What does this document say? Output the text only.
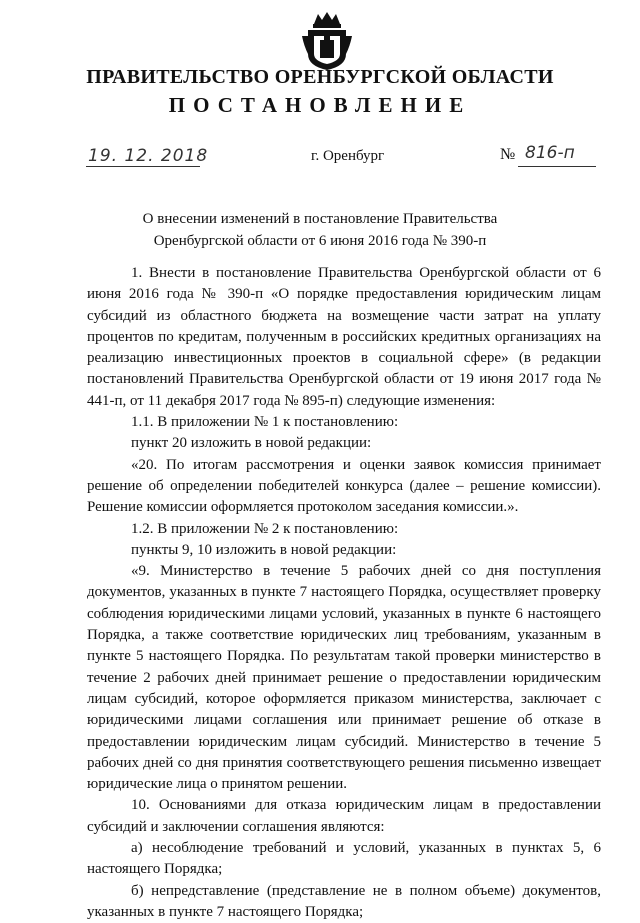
ПРАВИТЕЛЬСТВО ОРЕНБУРГСКОЙ ОБЛАСТИ
ПОСТАНОВЛЕНИЕ
19. 12. 2018	г. Оренбург	№ 816-п
О внесении изменений в постановление Правительства
Оренбургской области от 6 июня 2016 года № 390-п

1. Внести в постановление Правительства Оренбургской области от 6 июня 2016 года № 390-п «О порядке предоставления юридическим лицам субсидий из областного бюджета на возмещение части затрат на уплату процентов по кредитам, полученным в российских кредитных организациях на реализацию инвестиционных проектов в социальной сфере» (в редакции постановлений Правительства Оренбургской области от 19 июня 2017 года № 441-п, от 11 декабря 2017 года № 895-п) следующие изменения:

1.1. В приложении № 1 к постановлению:

пункт 20 изложить в новой редакции:

«20. По итогам рассмотрения и оценки заявок комиссия принимает решение об определении победителей конкурса (далее – решение комиссии). Решение комиссии оформляется протоколом заседания комиссии.».

1.2. В приложении № 2 к постановлению:

пункты 9, 10 изложить в новой редакции:

«9. Министерство в течение 5 рабочих дней со дня поступления документов, указанных в пункте 7 настоящего Порядка, осуществляет проверку соблюдения юридическими лицами условий, указанных в пункте 6 настоящего Порядка, а также соответствие юридических лиц требованиям, указанным в пункте 5 настоящего Порядка. По результатам такой проверки министерство в течение 2 рабочих дней принимает решение о предоставлении юридическим лицам субсидий, которое оформляется приказом министерства, заключает с юридическими лицами соглашения или принимает решение об отказе в предоставлении юридическим лицам субсидий. Министерство в течение 5 рабочих дней со дня принятия соответствующего решения письменно извещает юридические лица о принятом решении.

10. Основаниями для отказа юридическим лицам в предоставлении субсидий и заключении соглашения являются:

а) несоблюдение требований и условий, указанных в пунктах 5, 6 настоящего Порядка;

б) непредставление (представление не в полном объеме) документов, указанных в пункте 7 настоящего Порядка;
